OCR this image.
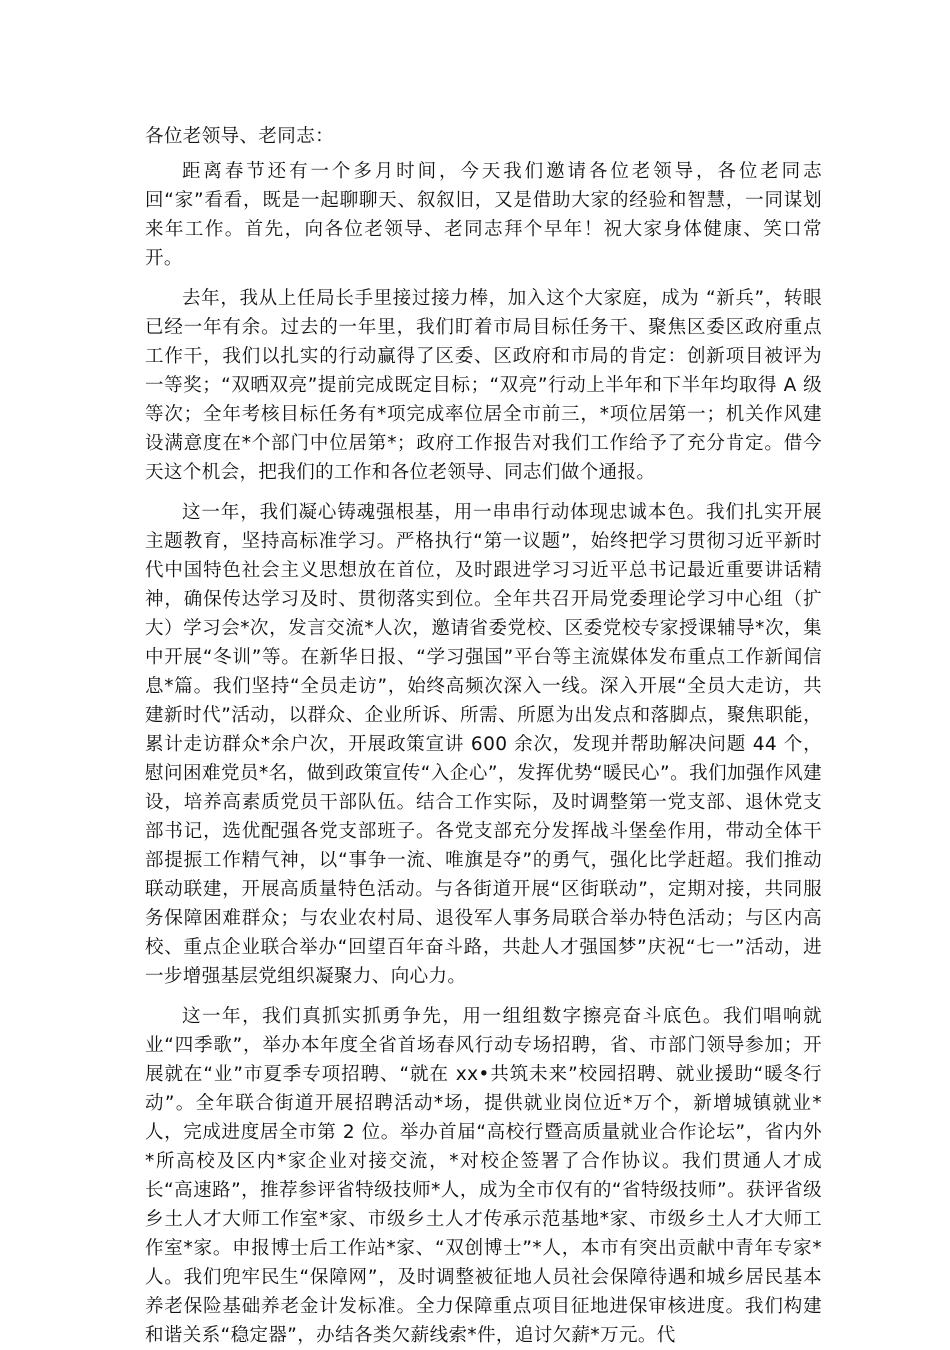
各位老领导、老同志：

距离春节还有一个多月时间，今天我们邀请各位老领导，各位老同志回“家”看看，既是一起聊聊天、叙叙旧，又是借助大家的经验和智慧，一同谋划来年工作。首先，向各位老领导、老同志拜个早年！祝大家身体健康、笑口常开。

去年，我从上任局长手里接过接力棒，加入这个大家庭，成为 “新兵”，转眼已经一年有余。过去的一年里，我们盯着市局目标任务干、聚焦区委区政府重点工作干，我们以扎实的行动赢得了区委、区政府和市局的肯定：创新项目被评为一等奖；“双晒双亮”提前完成既定目标；“双亮”行动上半年和下半年均取得 A 级等次；全年考核目标任务有*项完成率位居全市前三，*项位居第一；机关作风建设满意度在*个部门中位居第*；政府工作报告对我们工作给予了充分肯定。借今天这个机会，把我们的工作和各位老领导、同志们做个通报。

这一年，我们凝心铸魂强根基，用一串串行动体现忠诚本色。我们扎实开展主题教育，坚持高标准学习。严格执行“第一议题”，始终把学习贯彻习近平新时代中国特色社会主义思想放在首位，及时跟进学习习近平总书记最近重要讲话精神，确保传达学习及时、贯彻落实到位。全年共召开局党委理论学习中心组（扩大）学习会*次，发言交流*人次，邀请省委党校、区委党校专家授课辅导*次，集中开展“冬训”等。在新华日报、“学习强国”平台等主流媒体发布重点工作新闻信息*篇。我们坚持“全员走访”，始终高频次深入一线。深入开展“全员大走访，共建新时代”活动，以群众、企业所诉、所需、所愿为出发点和落脚点，聚焦职能，累计走访群众*余户次，开展政策宣讲 600 余次，发现并帮助解决问题 44 个，慰问困难党员*名，做到政策宣传“入企心”，发挥优势“暖民心”。我们加强作风建设，培养高素质党员干部队伍。结合工作实际，及时调整第一党支部、退休党支部书记，选优配强各党支部班子。各党支部充分发挥战斗堡垒作用，带动全体干部提振工作精气神，以“事争一流、唯旗是夺”的勇气，强化比学赶超。我们推动联动联建，开展高质量特色活动。与各街道开展“区街联动”，定期对接，共同服务保障困难群众；与农业农村局、退役军人事务局联合举办特色活动；与区内高校、重点企业联合举办“回望百年奋斗路，共赴人才强国梦”庆祝“七一”活动，进一步增强基层党组织凝聚力、向心力。

这一年，我们真抓实抓勇争先，用一组组数字擦亮奋斗底色。我们唱响就业“四季歌”，举办本年度全省首场春风行动专场招聘，省、市部门领导参加；开展就在“业”市夏季专项招聘、“就在 xx•共筑未来”校园招聘、就业援助“暖冬行动”。全年联合街道开展招聘活动*场，提供就业岗位近*万个，新增城镇就业*人，完成进度居全市第 2 位。举办首届“高校行暨高质量就业合作论坛”，省内外*所高校及区内*家企业对接交流，*对校企签署了合作协议。我们贯通人才成长“高速路”，推荐参评省特级技师*人，成为全市仅有的“省特级技师”。获评省级乡土人才大师工作室*家、市级乡土人才传承示范基地*家、市级乡土人才大师工作室*家。申报博士后工作站*家、“双创博士”*人，本市有突出贡献中青年专家*人。我们兜牢民生“保障网”，及时调整被征地人员社会保障待遇和城乡居民基本养老保险基础养老金计发标准。全力保障重点项目征地进保审核进度。我们构建和谐关系“稳定器”，办结各类欠薪线索*件，追讨欠薪*万元。代
